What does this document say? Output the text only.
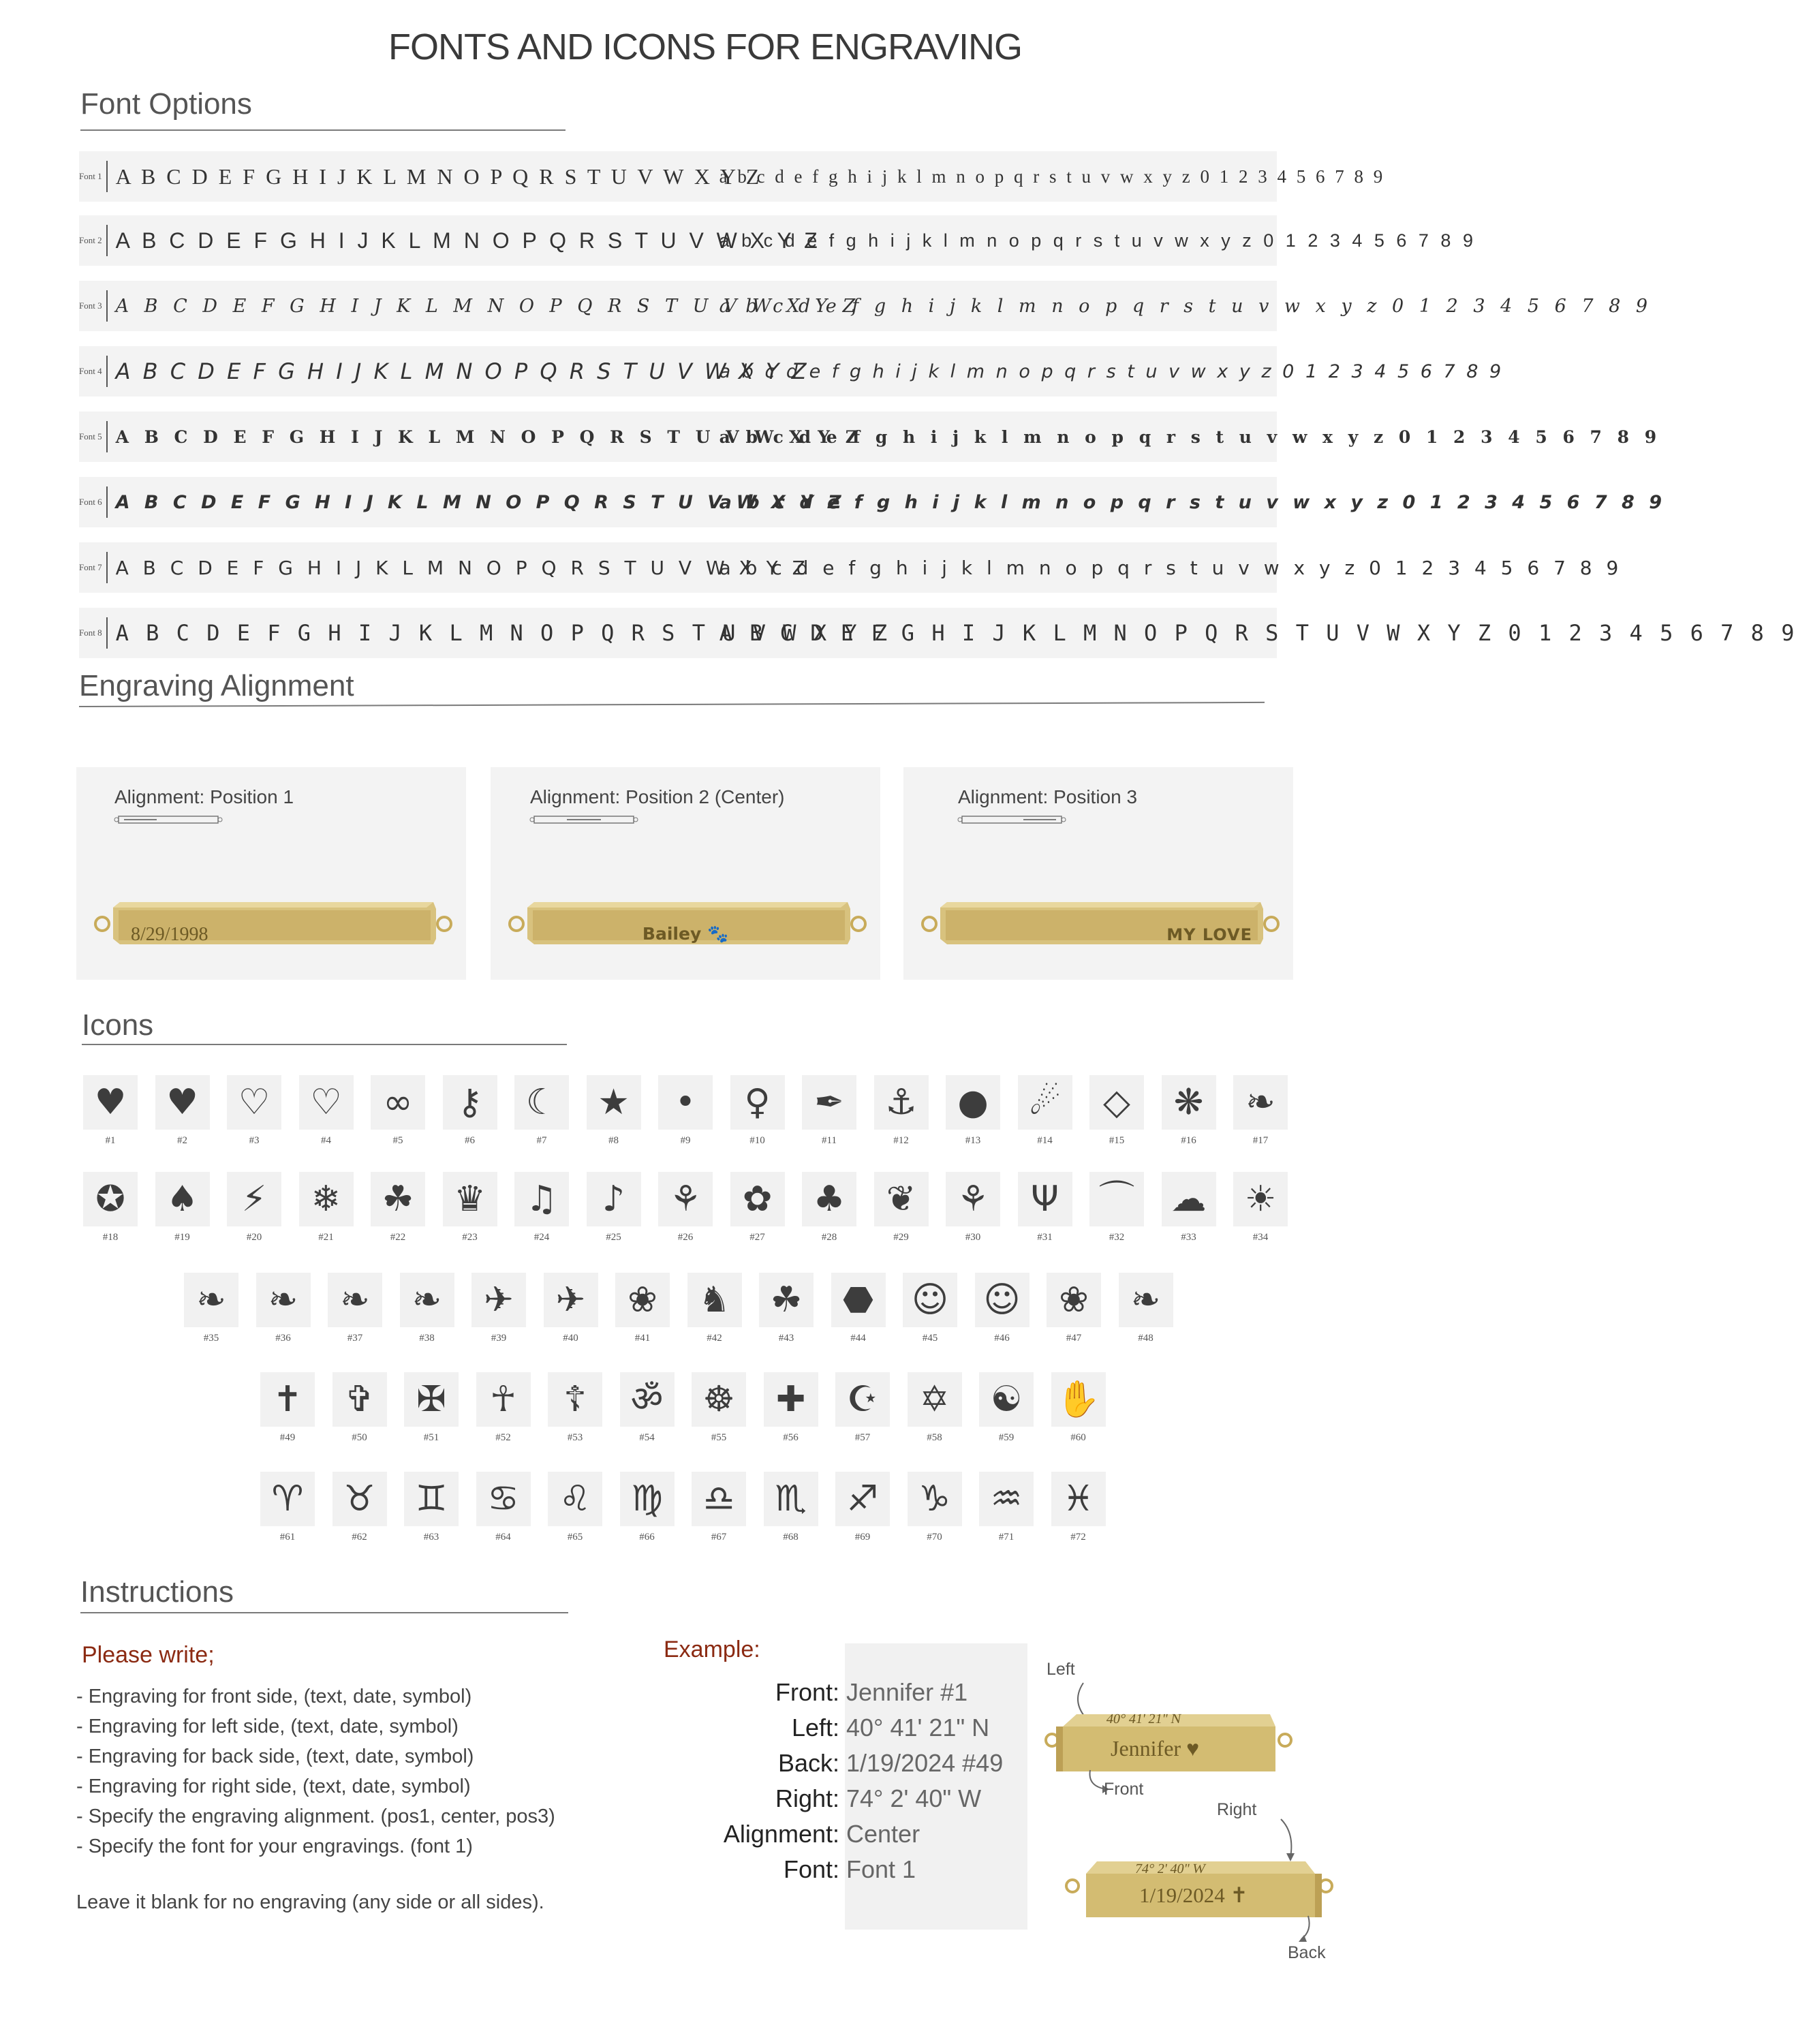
FONTS AND ICONS FOR ENGRAVING
Font Options
Font 1 A B C D E F G H I J K L M N O P Q R S T U V W X Y Z
a b c d e f g h i j k l m n o p q r s t u v w x y z 0 1 2 3 4 5 6 7 8 9
Font 2 A B C D E F G H I J K L M N O P Q R S T U V W X Y Z
a b c d e f g h i j k l m n o p q r s t u v w x y z 0 1 2 3 4 5 6 7 8 9
Font 3 A B C D E F G H I J K L M N O P Q R S T U V W X Y Z
a b c d e f g h i j k l m n o p q r s t u v w x y z 0 1 2 3 4 5 6 7 8 9
Font 4 A B C D E F G H I J K L M N O P Q R S T U V W X Y Z
a b c d e f g h i j k l m n o p q r s t u v w x y z 0 1 2 3 4 5 6 7 8 9
Font 5 A B C D E F G H I J K L M N O P Q R S T U V W X Y Z
a b c d e f g h i j k l m n o p q r s t u v w x y z 0 1 2 3 4 5 6 7 8 9
Font 6 A B C D E F G H I J K L M N O P Q R S T U V W X Y Z
a b c d e f g h i j k l m n o p q r s t u v w x y z 0 1 2 3 4 5 6 7 8 9
Font 7 A B C D E F G H I J K L M N O P Q R S T U V W X Y Z
a b c d e f g h i j k l m n o p q r s t u v w x y z 0 1 2 3 4 5 6 7 8 9
Font 8 A B C D E F G H I J K L M N O P Q R S T U V W X Y Z
A B C D E F G H I J K L M N O P Q R S T U V W X Y Z 0 1 2 3 4 5 6 7 8 9
Engraving Alignment
Alignment: Position 1
8/29/1998
Alignment: Position 2 (Center)
Bailey 🐾
Alignment: Position 3
MY LOVE
Icons
♥
#1
♥
#2
♡
#3
♡
#4
∞
#5
⚷
#6
☾
#7
★
#8
•
#9
♀
#10
✒
#11
⚓
#12
●
#13
☄
#14
◇
#15
❋
#16
❧
#17
✪
#18
♠
#19
⚡
#20
❄
#21
☘
#22
♛
#23
♫
#24
♪
#25
⚘
#26
✿
#27
♣
#28
❦
#29
⚘
#30
Ψ
#31
⌒
#32
☁
#33
☀
#34
❧
#35
❧
#36
❧
#37
❧
#38
✈
#39
✈
#40
❀
#41
♞
#42
☘
#43
⬣
#44
☺
#45
☺
#46
❀
#47
❧
#48
✝
#49
✞
#50
✠
#51
☥
#52
☦
#53
ॐ
#54
☸
#55
✚
#56
☪
#57
✡
#58
☯
#59
✋
#60
♈
#61
♉
#62
♊
#63
♋
#64
♌
#65
♍
#66
♎
#67
♏
#68
♐
#69
♑
#70
♒
#71
♓
#72
Instructions
Please write;
- Engraving for front side, (text, date, symbol)
- Engraving for left side, (text, date, symbol)
- Engraving for back side, (text, date, symbol)
- Engraving for right side, (text, date, symbol)
- Specify the engraving alignment. (pos1, center, pos3)
- Specify the font for your engravings. (font 1)
Leave it blank for no engraving (any side or all sides).
Example:
Front: Jennifer #1
Left: 40° 41' 21" N
Back: 1/19/2024 #49
Right: 74° 2' 40" W
Alignment: Center
Font: Font 1
40° 41' 21" N
Jennifer ♥
Left
Front
74° 2' 40" W
1/19/2024 ✝
Right
Back
